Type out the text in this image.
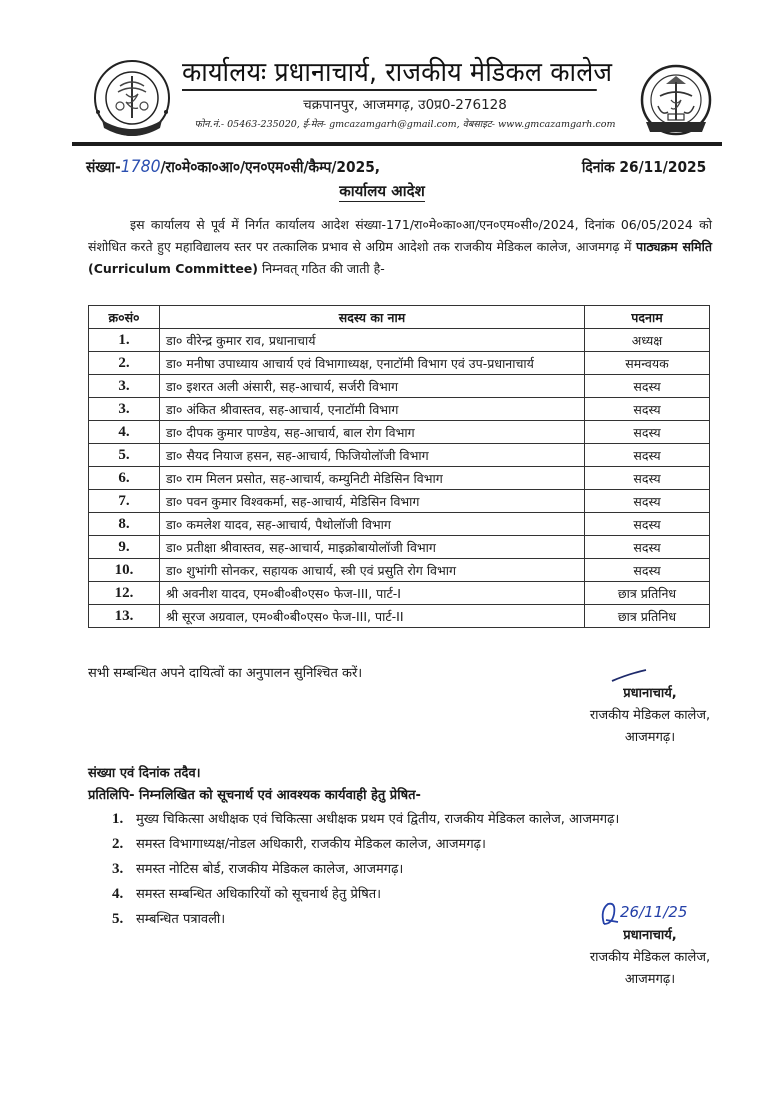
कार्यालयः प्रधानाचार्य, राजकीय मेडिकल कालेज
चक्रपानपुर, आजमगढ़, उ0प्र0-276128
फोन.नं.- 05463-235020, ई-मेल- gmcazamgarh@gmail.com, वेबसाइट- www.gmcazamgarh.com
संख्या-1780/रा०मे०का०आ०/एन०एम०सी/कैम्प/2025,	दिनांक 26/11/2025
कार्यालय आदेश
इस कार्यालय से पूर्व में निर्गत कार्यालय आदेश संख्या-171/रा०मे०का०आ/एन०एम०सी०/2024, दिनांक 06/05/2024 को संशोधित करते हुए महाविद्यालय स्तर पर तत्कालिक प्रभाव से अग्रिम आदेशो तक राजकीय मेडिकल कालेज, आजमगढ़ में पाठ्यक्रम समिति (Curriculum Committee) निम्नवत् गठित की जाती है-
क्र०सं०	सदस्य का नाम	पदनाम
1.	डा० वीरेन्द्र कुमार राव, प्रधानाचार्य	अध्यक्ष
2.	डा० मनीषा उपाध्याय आचार्य एवं विभागाध्यक्ष, एनाटॉमी विभाग एवं उप-प्रधानाचार्य	समन्वयक
3.	डा० इशरत अली अंसारी, सह-आचार्य, सर्जरी विभाग	सदस्य
3.	डा० अंकित श्रीवास्तव, सह-आचार्य, एनाटॉमी विभाग	सदस्य
4.	डा० दीपक कुमार पाण्डेय, सह-आचार्य, बाल रोग विभाग	सदस्य
5.	डा० सैयद नियाज हसन, सह-आचार्य, फिजियोलॉजी विभाग	सदस्य
6.	डा० राम मिलन प्रसोत, सह-आचार्य, कम्युनिटी मेडिसिन विभाग	सदस्य
7.	डा० पवन कुमार विश्वकर्मा, सह-आचार्य, मेडिसिन विभाग	सदस्य
8.	डा० कमलेश यादव, सह-आचार्य, पैथोलॉजी विभाग	सदस्य
9.	डा० प्रतीक्षा श्रीवास्तव, सह-आचार्य, माइक्रोबायोलॉजी विभाग	सदस्य
10.	डा० शुभांगी सोनकर, सहायक आचार्य, स्त्री एवं प्रसुति रोग विभाग	सदस्य
12.	श्री अवनीश यादव, एम०बी०बी०एस० फेज-III, पार्ट-I	छात्र प्रतिनिध
13.	श्री सूरज अग्रवाल, एम०बी०बी०एस० फेज-III, पार्ट-II	छात्र प्रतिनिध
सभी सम्बन्धित अपने दायित्वों का अनुपालन सुनिश्चित करें।
प्रधानाचार्य,
राजकीय मेडिकल कालेज,
आजमगढ़।
संख्या एवं दिनांक तदैव।
प्रतिलिपि- निम्नलिखित को सूचनार्थ एवं आवश्यक कार्यवाही हेतु प्रेषित-
1. मुख्य चिकित्सा अधीक्षक एवं चिकित्सा अधीक्षक प्रथम एवं द्वितीय, राजकीय मेडिकल कालेज, आजमगढ़।
2. समस्त विभागाध्यक्ष/नोडल अधिकारी, राजकीय मेडिकल कालेज, आजमगढ़।
3. समस्त नोटिस बोर्ड, राजकीय मेडिकल कालेज, आजमगढ़।
4. समस्त सम्बन्धित अधिकारियों को सूचनार्थ हेतु प्रेषित।
5. सम्बन्धित पत्रावली।	26/11/25
प्रधानाचार्य,
राजकीय मेडिकल कालेज,
आजमगढ़।
